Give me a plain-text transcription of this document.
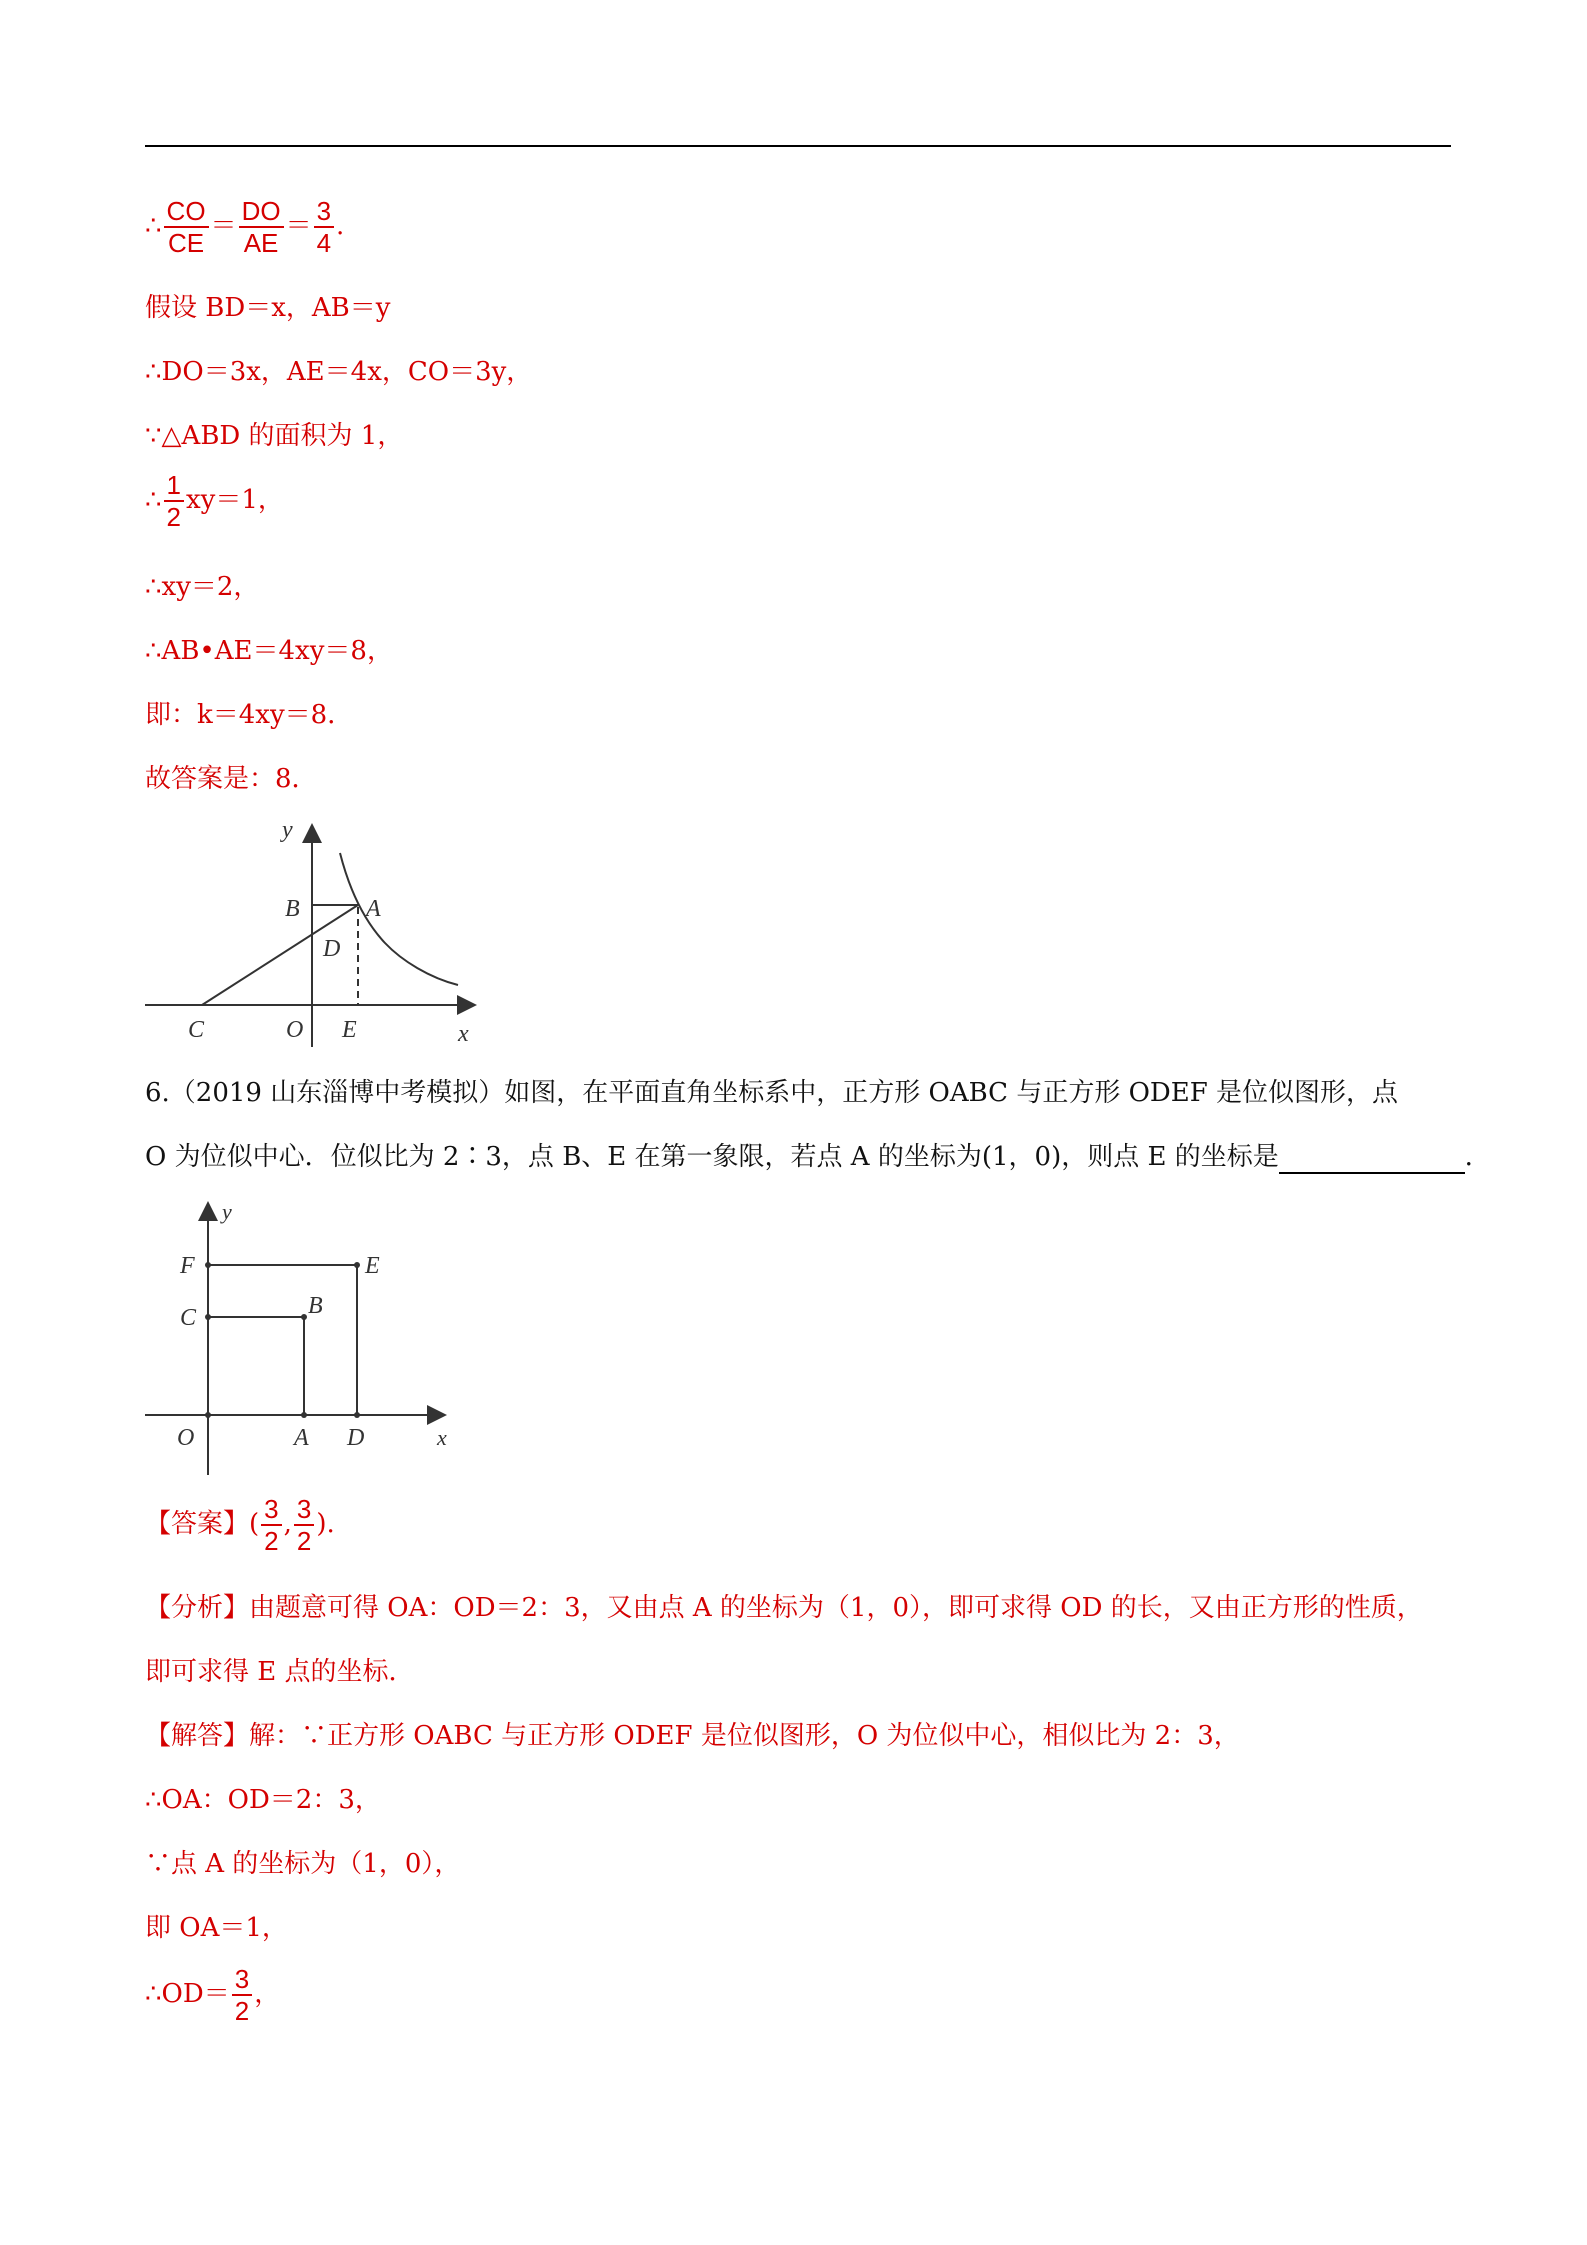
∴ $\frac{CO}{CE} = \frac{DO}{AE} = \frac{3}{4}$ .
假设 BD＝x，AB＝y
∴DO＝3x，AE＝4x，CO＝3y，
∵△ABD 的面积为 1，
∴ $\frac{1}{2} xy=1$，
∴xy＝2，
∴AB•AE＝4xy＝8，
即：k＝4xy＝8．
故答案是：8．
y
B	A
D
C	O E	x
6.（2019 山东淄博中考模拟）如图，在平面直角坐标系中，正方形 OABC 与正方形 ODEF 是位似图形，点
O 为位似中心．位似比为 2∶3，点 B、E 在第一象限，若点 A 的坐标为(1，0)，则点 E 的坐标是	．
y
F	E
C	B
O	A D	x
【答案】( $\frac{3}{2}$ , $\frac{3}{2}$ ).
【分析】由题意可得 OA：OD＝2：3，又由点 A 的坐标为（1，0），即可求得 OD 的长，又由正方形的性质，
即可求得 E 点的坐标．
【解答】解：∵正方形 OABC 与正方形 ODEF 是位似图形，O 为位似中心，相似比为 2：3，
∴OA：OD＝2：3，
∵点 A 的坐标为（1，0），
即 OA＝1，
∴OD＝ $\frac{3}{2}$ ，
